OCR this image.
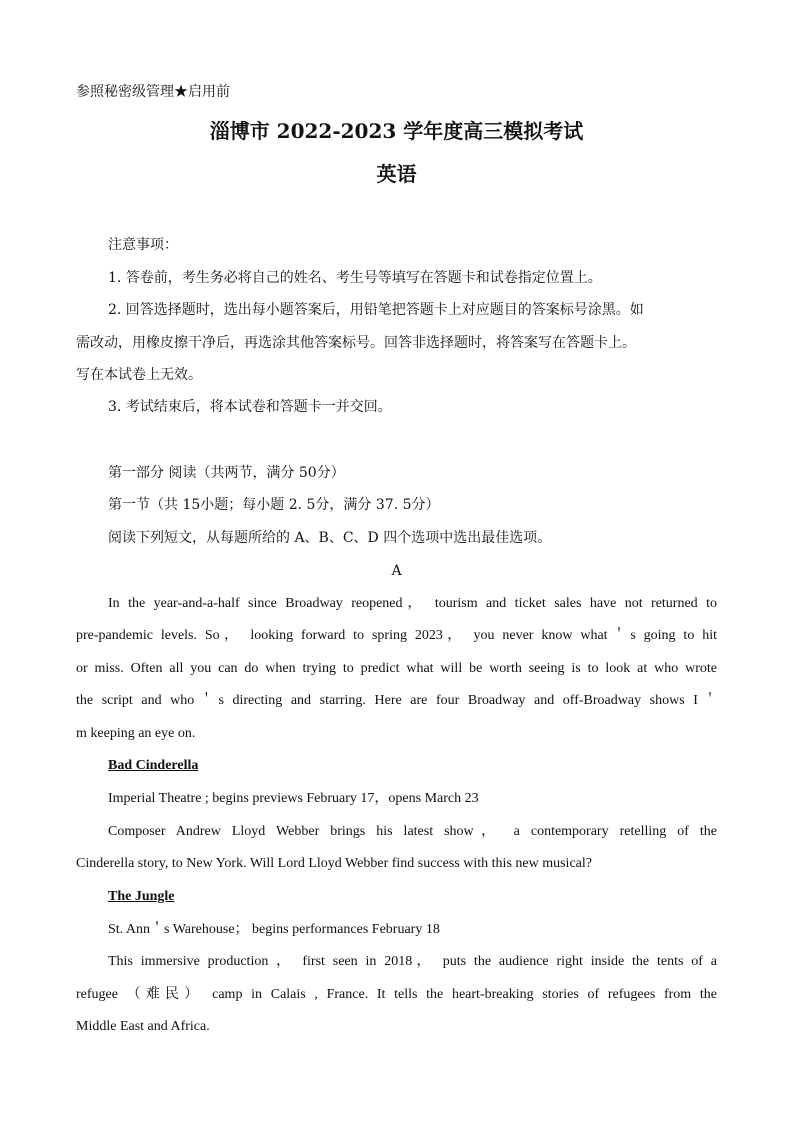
参照秘密级管理★启用前
淄博市 2022-2023 学年度高三模拟考试
英语
注意事项：
1. 答卷前，考生务必将自己的姓名、考生号等填写在答题卡和试卷指定位置上。
2. 回答选择题时，选出每小题答案后，用铅笔把答题卡上对应题目的答案标号涂黑。如
需改动，用橡皮擦干净后，再选涂其他答案标号。回答非选择题时，将答案写在答题卡上。
写在本试卷上无效。
3. 考试结束后，将本试卷和答题卡一并交回。
第一部分 阅读（共两节，满分 50分）
第一节（共 15小题；每小题 2. 5分，满分 37. 5分）
阅读下列短文，从每题所给的 A、B、C、D 四个选项中选出最佳选项。
A
In the year-and-a-half since Broadway reopened， tourism and ticket sales have not returned to
pre-pandemic levels. So， looking forward to spring 2023， you never know what＇s going to hit
or miss. Often all you can do when trying to predict what will be worth seeing is to look at who wrote
the script and who＇s directing and starring. Here are four Broadway and off-Broadway shows I＇
m keeping an eye on.
Bad Cinderella
Imperial Theatre ; begins previews February 17，opens March 23
Composer Andrew Lloyd Webber brings his latest show， a contemporary retelling of the
Cinderella story, to New York. Will Lord Lloyd Webber find success with this new musical?
The Jungle
St. Ann＇s Warehouse； begins performances February 18
This immersive production ， first seen in 2018， puts the audience right inside the tents of a
refugee （难民） camp in Calais , France. It tells the heart-breaking stories of refugees from the
Middle East and Africa.
